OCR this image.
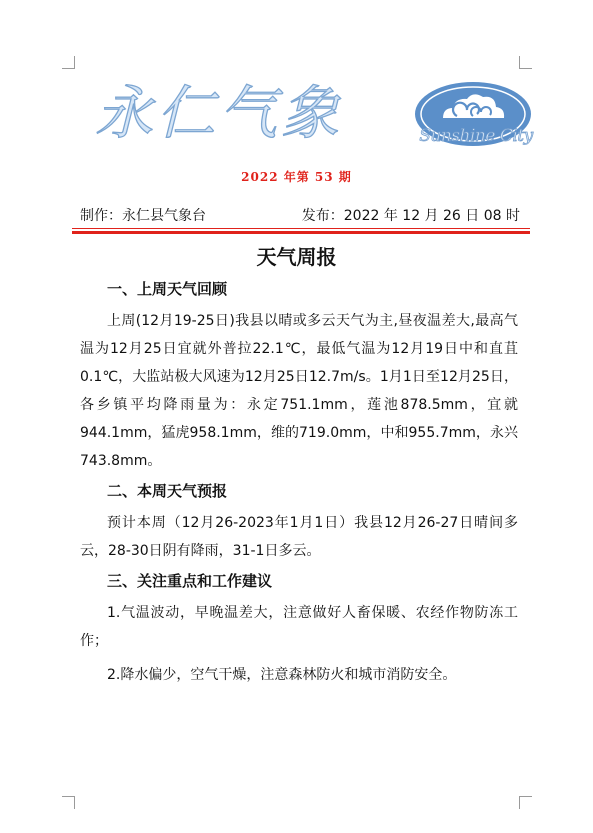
永仁气象	Sunshine City
2022 年第 53 期
制作：永仁县气象台	发布：2022 年 12 月 26 日 08 时
天气周报
一、上周天气回顾

上周(12月19-25日)我县以晴或多云天气为主,昼夜温差大,最高气温为12月25日宜就外普拉22.1℃，最低气温为12月19日中和直苴0.1℃，大监站极大风速为12月25日12.7m/s。1月1日至12月25日，各乡镇平均降雨量为：永定751.1mm，莲池878.5mm，宜就944.1mm，猛虎958.1mm，维的719.0mm，中和955.7mm，永兴743.8mm。

二、本周天气预报

预计本周（12月26-2023年1月1日）我县12月26-27日晴间多云，28-30日阴有降雨，31-1日多云。

三、关注重点和工作建议

1.气温波动，早晚温差大，注意做好人畜保暖、农经作物防冻工作；

2.降水偏少，空气干燥，注意森林防火和城市消防安全。
